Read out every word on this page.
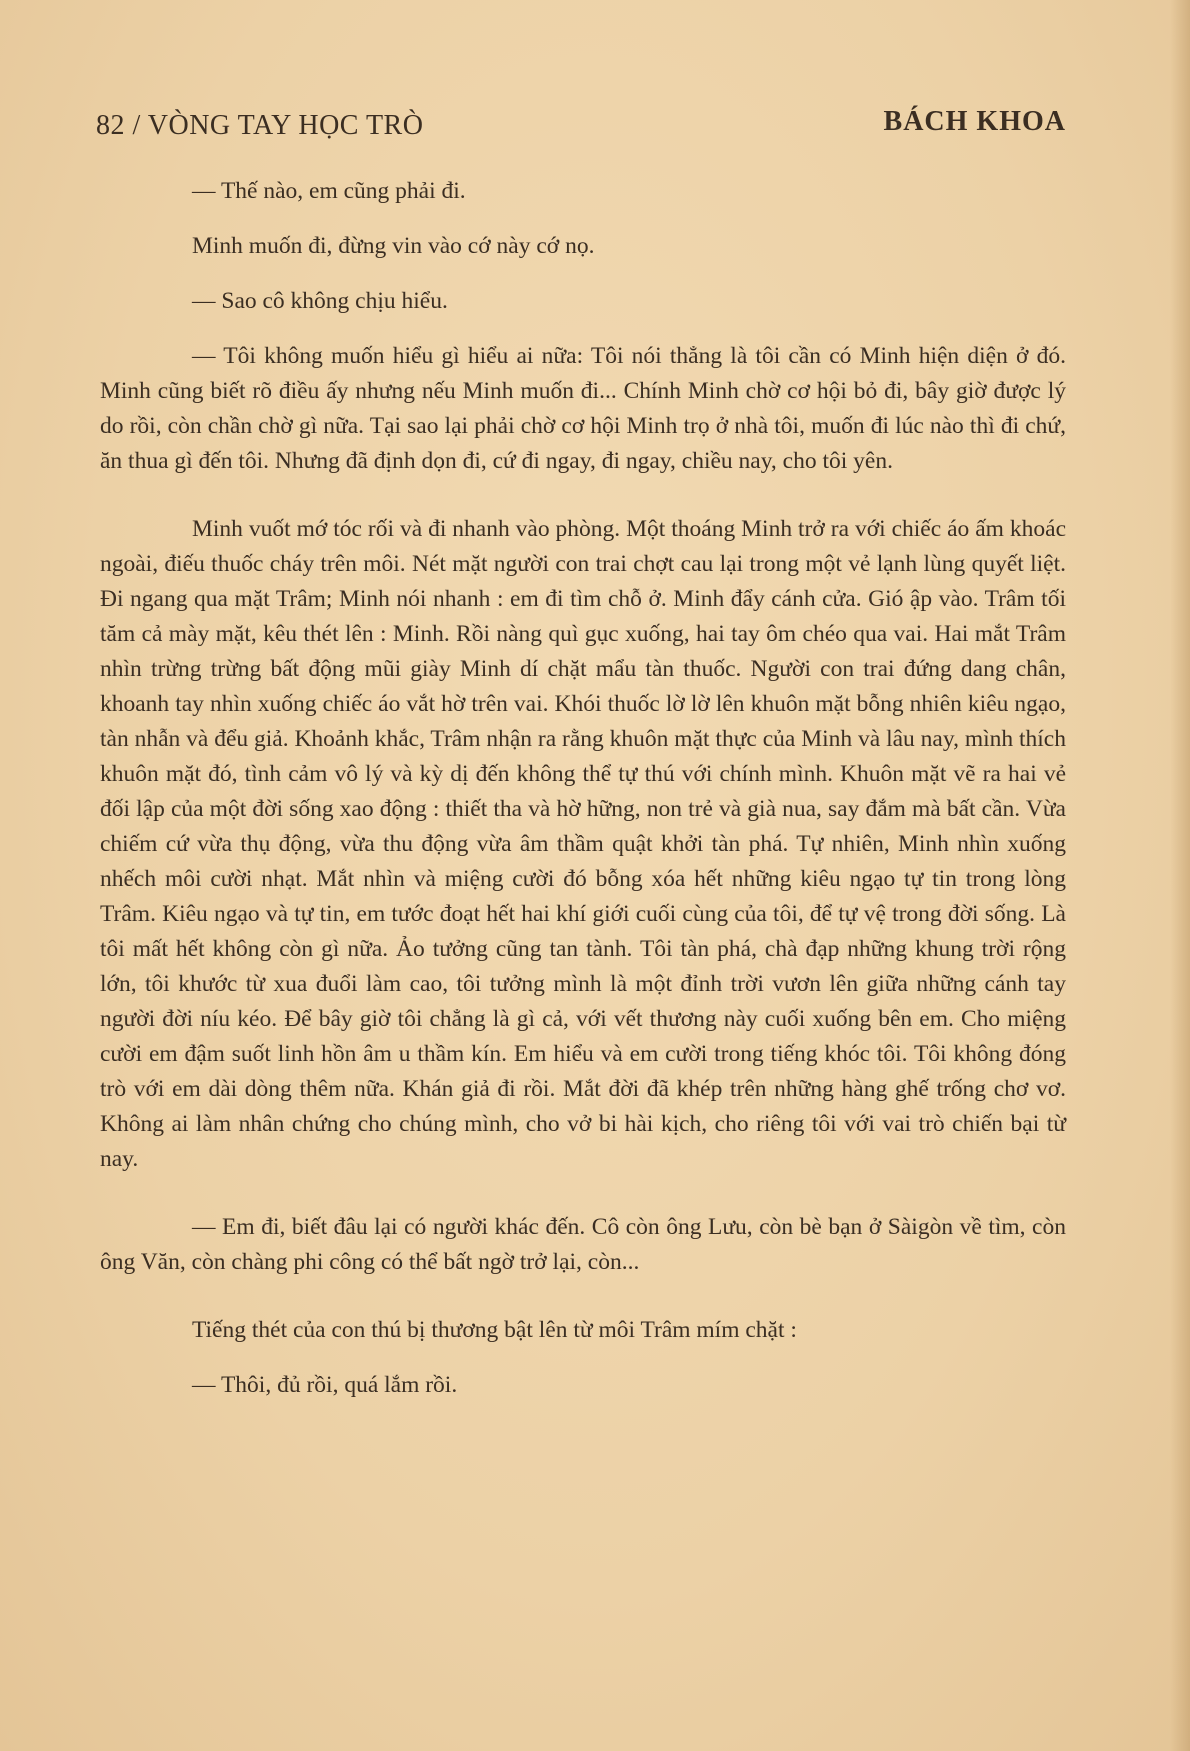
82 / VÒNG TAY HỌC TRÒ	BÁCH KHOA

— Thế nào, em cũng phải đi.

Minh muốn đi, đừng vin vào cớ này cớ nọ.

— Sao cô không chịu hiểu.

— Tôi không muốn hiểu gì hiểu ai nữa: Tôi nói thẳng là tôi cần có Minh hiện diện ở đó. Minh cũng biết rõ điều ấy nhưng nếu Minh muốn đi... Chính Minh chờ cơ hội bỏ đi, bây giờ được lý do rồi, còn chần chờ gì nữa. Tại sao lại phải chờ cơ hội Minh trọ ở nhà tôi, muốn đi lúc nào thì đi chứ, ăn thua gì đến tôi. Nhưng đã định dọn đi, cứ đi ngay, đi ngay, chiều nay, cho tôi yên.

Minh vuốt mớ tóc rối và đi nhanh vào phòng. Một thoáng Minh trở ra với chiếc áo ấm khoác ngoài, điếu thuốc cháy trên môi. Nét mặt người con trai chợt cau lại trong một vẻ lạnh lùng quyết liệt. Đi ngang qua mặt Trâm; Minh nói nhanh : em đi tìm chỗ ở. Minh đẩy cánh cửa. Gió ập vào. Trâm tối tăm cả mày mặt, kêu thét lên : Minh. Rồi nàng quì gục xuống, hai tay ôm chéo qua vai. Hai mắt Trâm nhìn trừng trừng bất động mũi giày Minh dí chặt mẩu tàn thuốc. Người con trai đứng dang chân, khoanh tay nhìn xuống chiếc áo vắt hờ trên vai. Khói thuốc lờ lờ lên khuôn mặt bỗng nhiên kiêu ngạo, tàn nhẫn và đểu giả. Khoảnh khắc, Trâm nhận ra rằng khuôn mặt thực của Minh và lâu nay, mình thích khuôn mặt đó, tình cảm vô lý và kỳ dị đến không thể tự thú với chính mình. Khuôn mặt vẽ ra hai vẻ đối lập của một đời sống xao động : thiết tha và hờ hững, non trẻ và già nua, say đắm mà bất cần. Vừa chiếm cứ vừa thụ động, vừa thu động vừa âm thầm quật khởi tàn phá. Tự nhiên, Minh nhìn xuống nhếch môi cười nhạt. Mắt nhìn và miệng cười đó bỗng xóa hết những kiêu ngạo tự tin trong lòng Trâm. Kiêu ngạo và tự tin, em tước đoạt hết hai khí giới cuối cùng của tôi, để tự vệ trong đời sống. Là tôi mất hết không còn gì nữa. Ảo tưởng cũng tan tành. Tôi tàn phá, chà đạp những khung trời rộng lớn, tôi khước từ xua đuổi làm cao, tôi tưởng mình là một đỉnh trời vươn lên giữa những cánh tay người đời níu kéo. Để bây giờ tôi chẳng là gì cả, với vết thương này cuối xuống bên em. Cho miệng cười em đậm suốt linh hồn âm u thầm kín. Em hiểu và em cười trong tiếng khóc tôi. Tôi không đóng trò với em dài dòng thêm nữa. Khán giả đi rồi. Mắt đời đã khép trên những hàng ghế trống chơ vơ. Không ai làm nhân chứng cho chúng mình, cho vở bi hài kịch, cho riêng tôi với vai trò chiến bại từ nay.

— Em đi, biết đâu lại có người khác đến. Cô còn ông Lưu, còn bè bạn ở Sàigòn về tìm, còn ông Văn, còn chàng phi công có thể bất ngờ trở lại, còn...

Tiếng thét của con thú bị thương bật lên từ môi Trâm mím chặt :

— Thôi, đủ rồi, quá lắm rồi.
